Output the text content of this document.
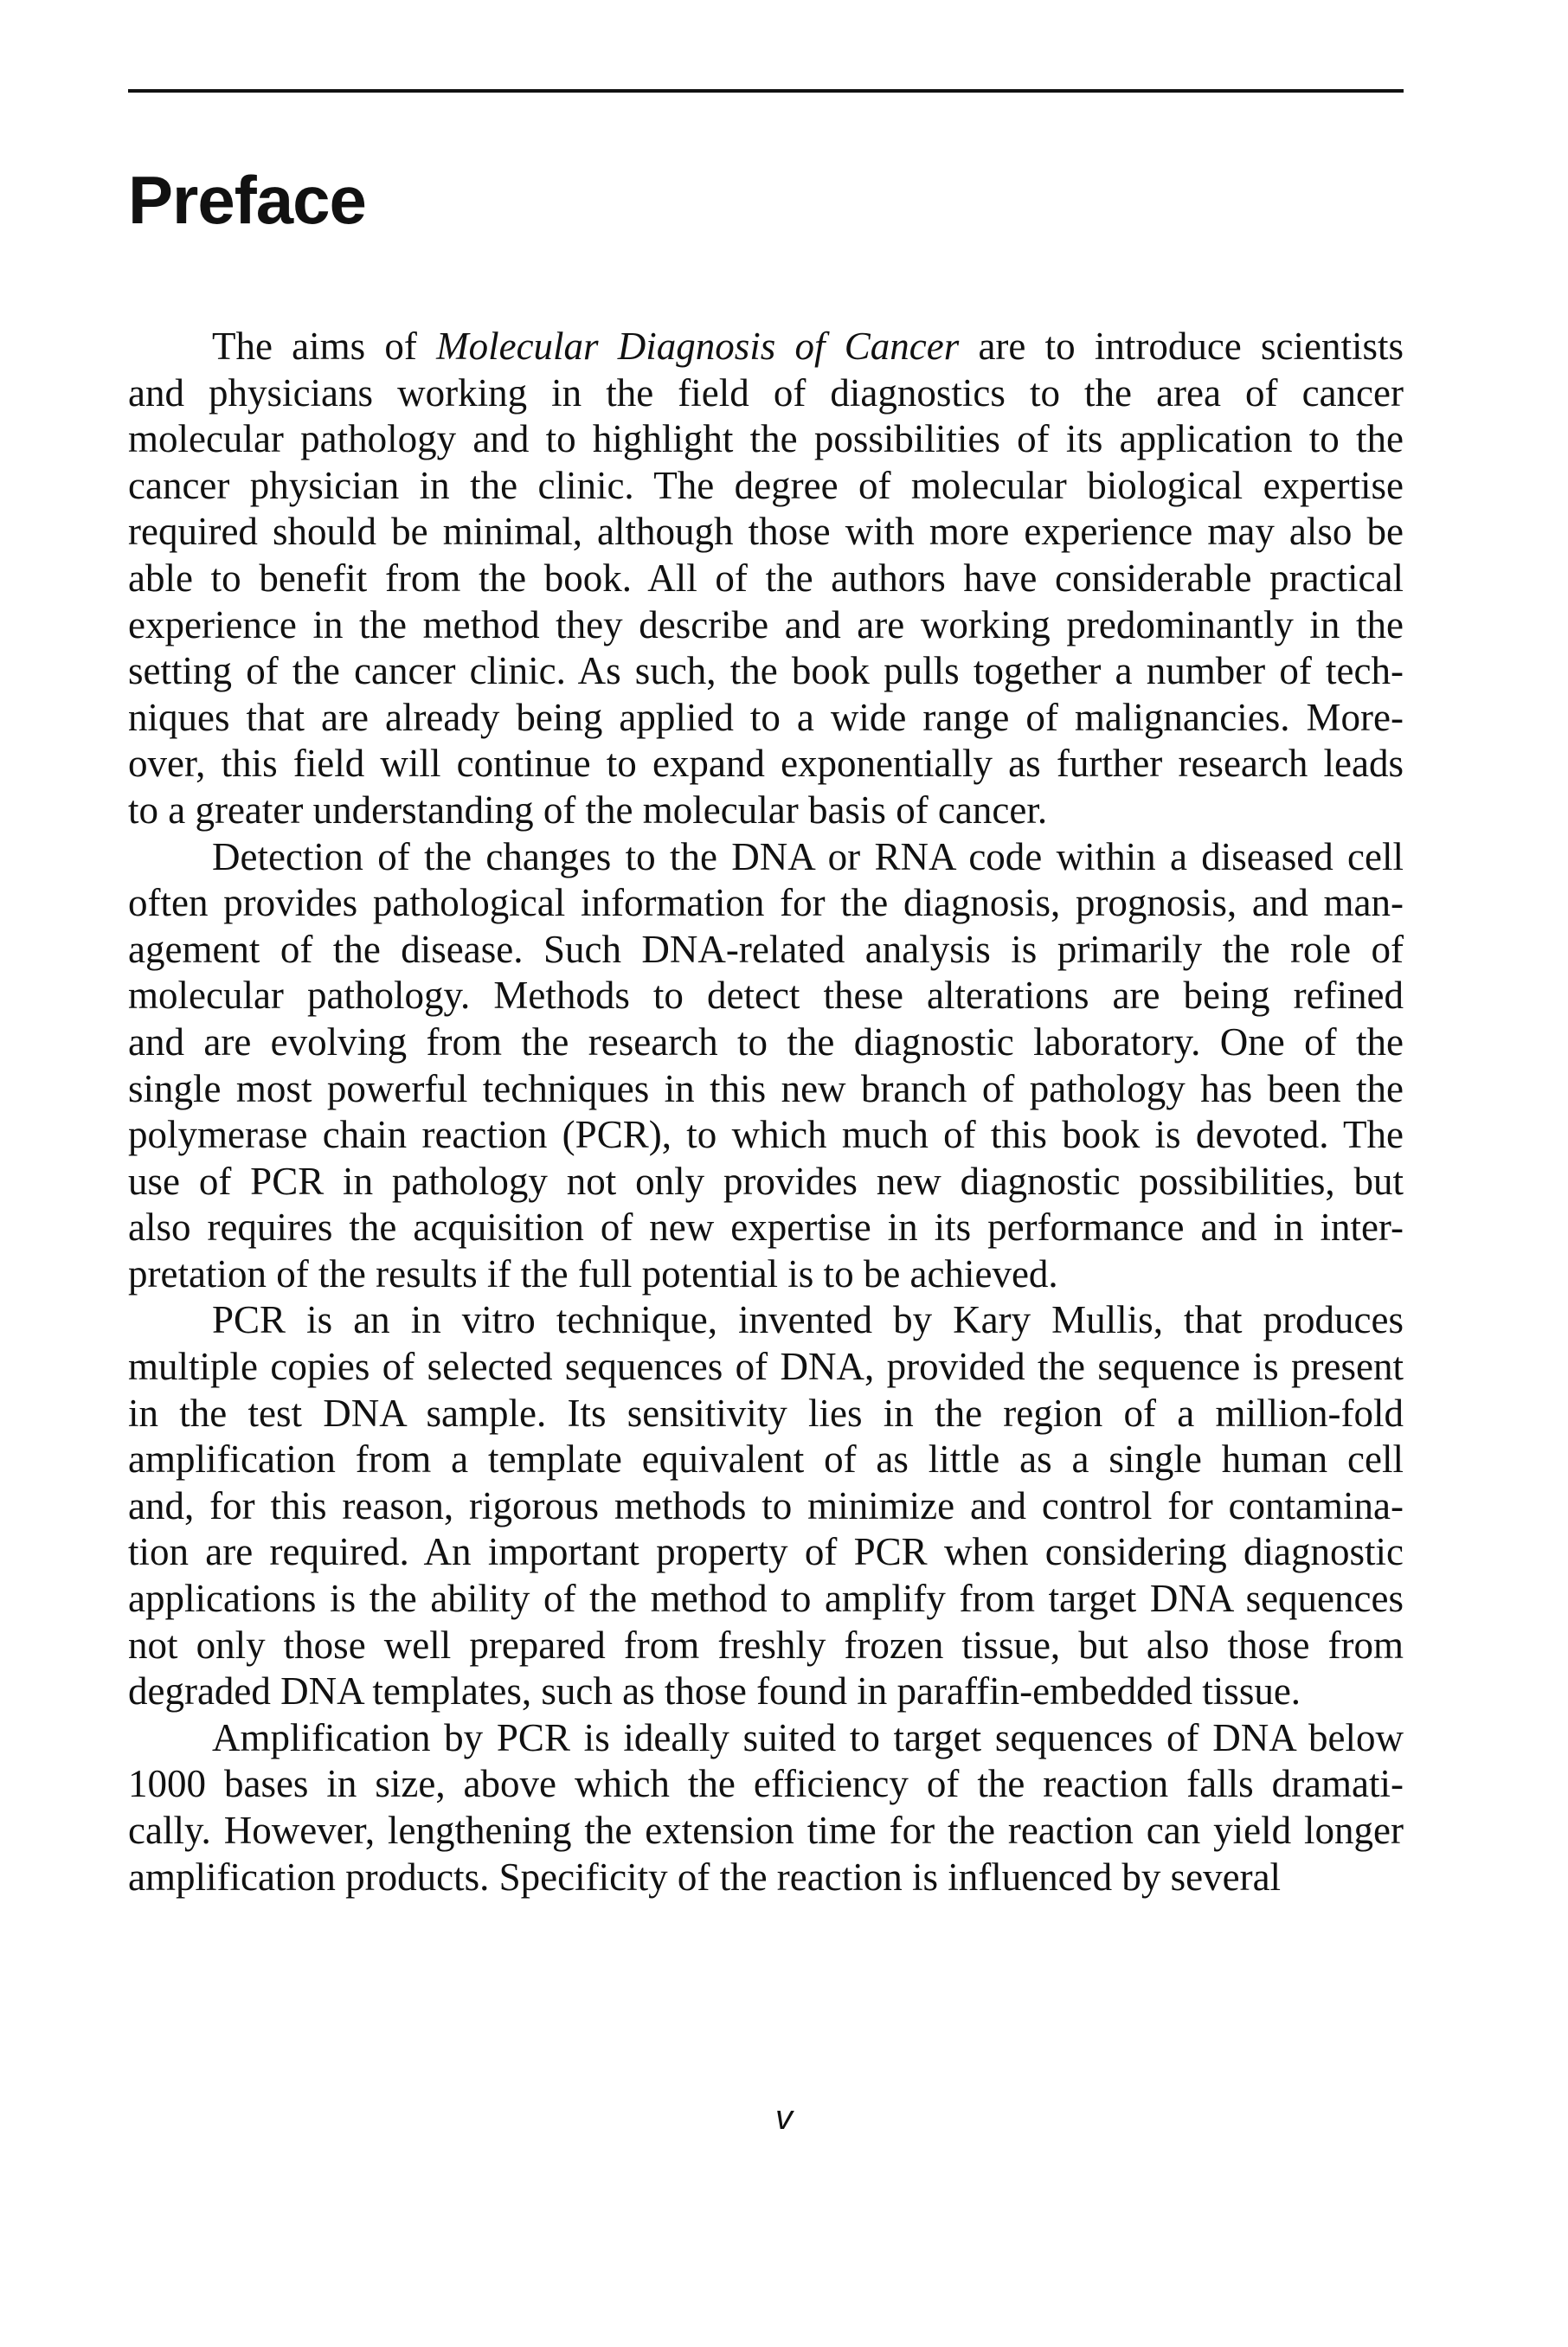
Preface
The aims of Molecular Diagnosis of Cancer are to introduce scientists
and physicians working in the field of diagnostics to the area of cancer
molecular pathology and to highlight the possibilities of its application to the
cancer physician in the clinic. The degree of molecular biological expertise
required should be minimal, although those with more experience may also be
able to benefit from the book. All of the authors have considerable practical
experience in the method they describe and are working predominantly in the
setting of the cancer clinic. As such, the book pulls together a number of tech-
niques that are already being applied to a wide range of malignancies. More-
over, this field will continue to expand exponentially as further research leads
to a greater understanding of the molecular basis of cancer.
Detection of the changes to the DNA or RNA code within a diseased cell
often provides pathological information for the diagnosis, prognosis, and man-
agement of the disease. Such DNA-related analysis is primarily the role of
molecular pathology. Methods to detect these alterations are being refined
and are evolving from the research to the diagnostic laboratory. One of the
single most powerful techniques in this new branch of pathology has been the
polymerase chain reaction (PCR), to which much of this book is devoted. The
use of PCR in pathology not only provides new diagnostic possibilities, but
also requires the acquisition of new expertise in its performance and in inter-
pretation of the results if the full potential is to be achieved.
PCR is an in vitro technique, invented by Kary Mullis, that produces
multiple copies of selected sequences of DNA, provided the sequence is present
in the test DNA sample. Its sensitivity lies in the region of a million-fold
amplification from a template equivalent of as little as a single human cell
and, for this reason, rigorous methods to minimize and control for contamina-
tion are required. An important property of PCR when considering diagnostic
applications is the ability of the method to amplify from target DNA sequences
not only those well prepared from freshly frozen tissue, but also those from
degraded DNA templates, such as those found in paraffin-embedded tissue.
Amplification by PCR is ideally suited to target sequences of DNA below
1000 bases in size, above which the efficiency of the reaction falls dramati-
cally. However, lengthening the extension time for the reaction can yield longer
amplification products. Specificity of the reaction is influenced by several
v
